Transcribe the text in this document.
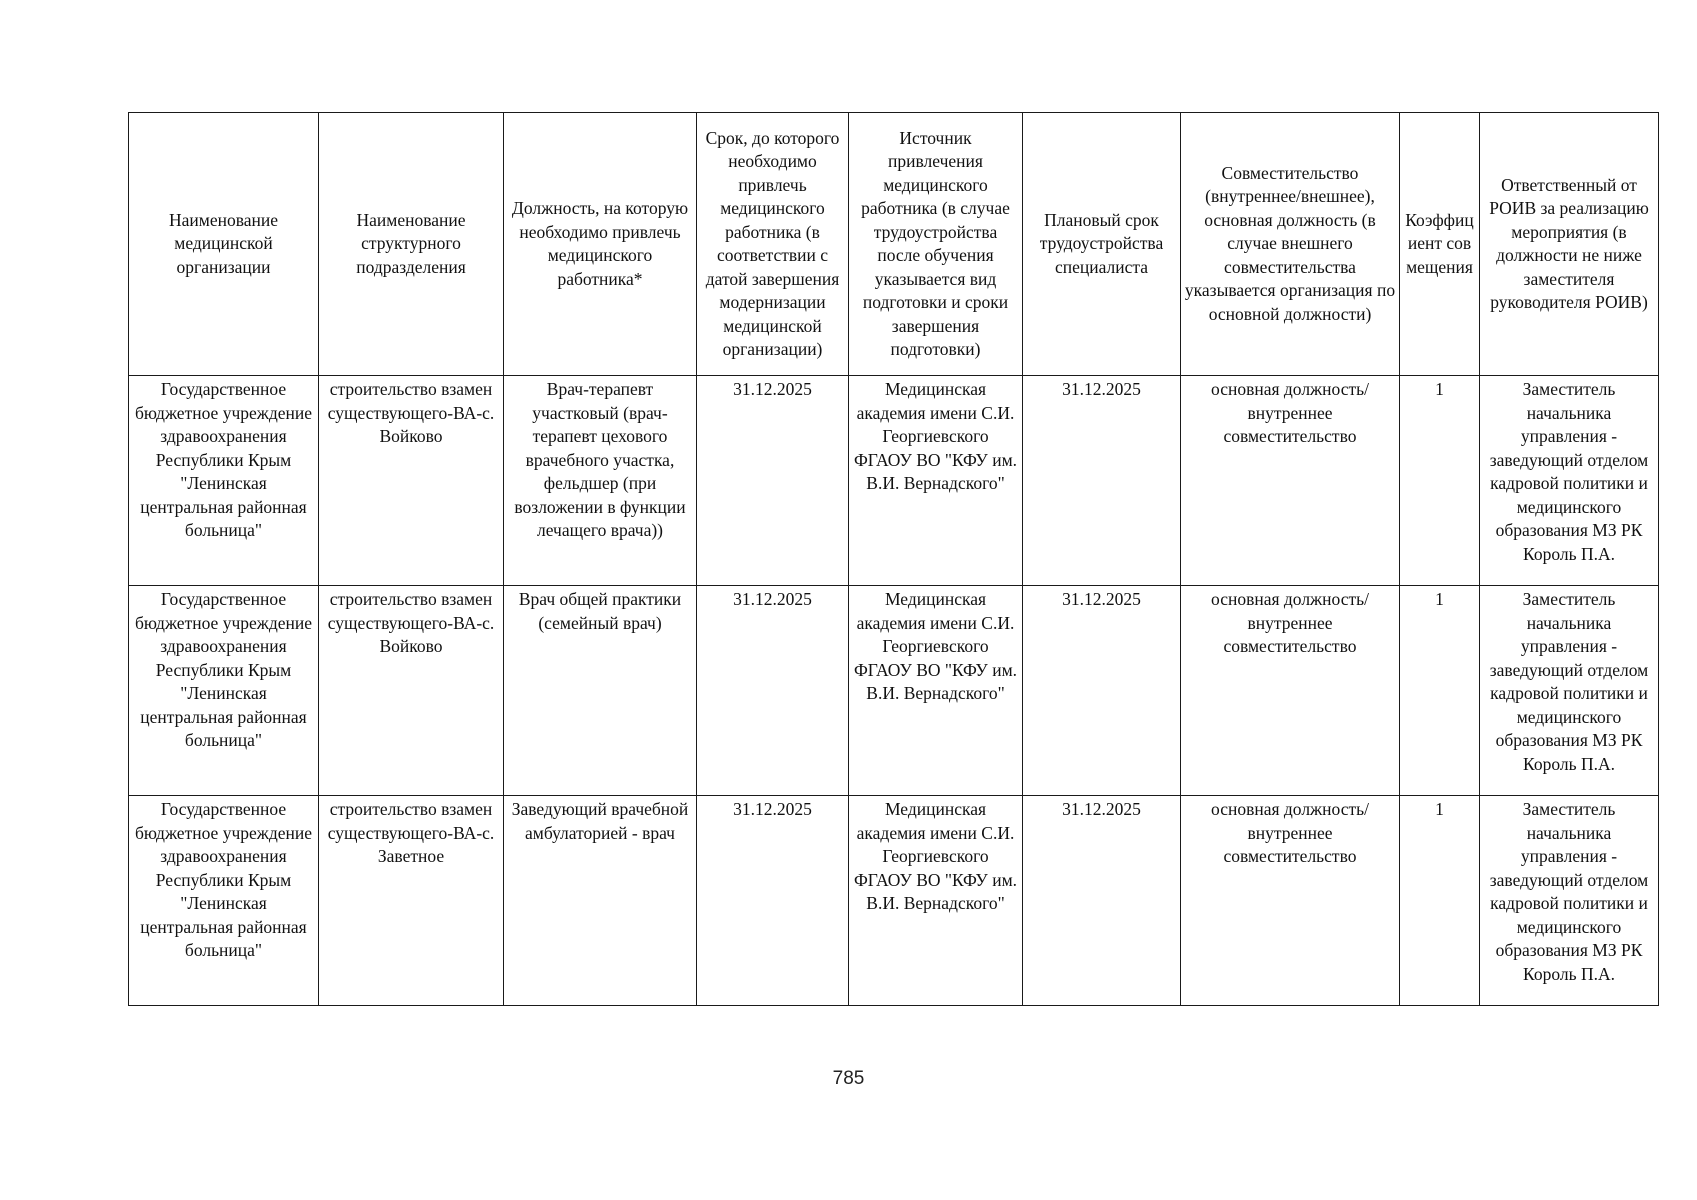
Наименование медицинской организации	Наименование структурного подразделения	Должность, на которую необходимо привлечь медицинского работника*	Срок, до которого необходимо привлечь медицинского работника (в соответствии с датой завершения модернизации медицинской организации)	Источник привлечения медицинского работника (в случае трудоустройства после обучения указывается вид подготовки и сроки завершения подготовки)	Плановый срок трудоустройства специалиста	Совместительство (внутреннее/внешнее), основная должность (в случае внешнего совместительства указывается организация по основной должности)	Коэффициент совмещения	Ответственный от РОИВ за реализацию мероприятия (в должности не ниже заместителя руководителя РОИВ)
Государственное бюджетное учреждение здравоохранения Республики Крым "Ленинская центральная районная больница"	строительство взамен существующего-ВА-с. Войково	Врач-терапевт участковый (врач-терапевт цехового врачебного участка, фельдшер (при возложении в функции лечащего врача))	31.12.2025	Медицинская академия имени С.И. Георгиевского ФГАОУ ВО "КФУ им. В.И. Вернадского"	31.12.2025	основная должность/ внутреннее совместительство	1	Заместитель начальника управления - заведующий отделом кадровой политики и медицинского образования МЗ РК Король П.А.
Государственное бюджетное учреждение здравоохранения Республики Крым "Ленинская центральная районная больница"	строительство взамен существующего-ВА-с. Войково	Врач общей практики (семейный врач)	31.12.2025	Медицинская академия имени С.И. Георгиевского ФГАОУ ВО "КФУ им. В.И. Вернадского"	31.12.2025	основная должность/ внутреннее совместительство	1	Заместитель начальника управления - заведующий отделом кадровой политики и медицинского образования МЗ РК Король П.А.
Государственное бюджетное учреждение здравоохранения Республики Крым "Ленинская центральная районная больница"	строительство взамен существующего-ВА-с. Заветное	Заведующий врачебной амбулаторией - врач	31.12.2025	Медицинская академия имени С.И. Георгиевского ФГАОУ ВО "КФУ им. В.И. Вернадского"	31.12.2025	основная должность/ внутреннее совместительство	1	Заместитель начальника управления - заведующий отделом кадровой политики и медицинского образования МЗ РК Король П.А.
785
